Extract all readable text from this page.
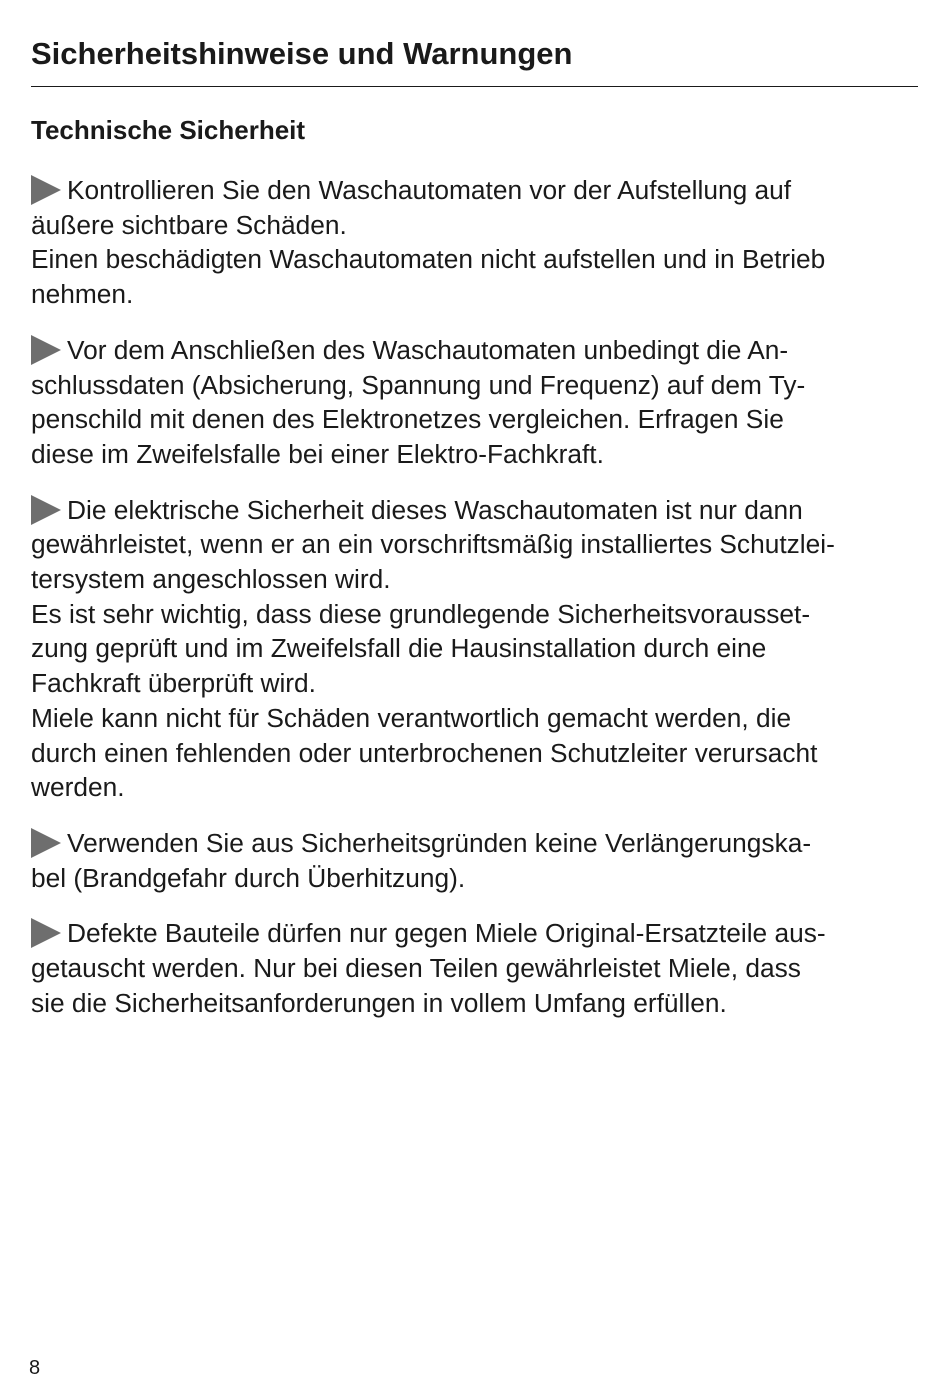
Sicherheitshinweise und Warnungen
Technische Sicherheit

Kontrollieren Sie den Waschautomaten vor der Aufstellung auf
äußere sichtbare Schäden.
Einen beschädigten Waschautomaten nicht aufstellen und in Betrieb
nehmen.

Vor dem Anschließen des Waschautomaten unbedingt die An-
schlussdaten (Absicherung, Spannung und Frequenz) auf dem Ty-
penschild mit denen des Elektronetzes vergleichen. Erfragen Sie
diese im Zweifelsfalle bei einer Elektro-Fachkraft.

Die elektrische Sicherheit dieses Waschautomaten ist nur dann
gewährleistet, wenn er an ein vorschriftsmäßig installiertes Schutzlei-
tersystem angeschlossen wird.
Es ist sehr wichtig, dass diese grundlegende Sicherheitsvorausset-
zung geprüft und im Zweifelsfall die Hausinstallation durch eine
Fachkraft überprüft wird.
Miele kann nicht für Schäden verantwortlich gemacht werden, die
durch einen fehlenden oder unterbrochenen Schutzleiter verursacht
werden.

Verwenden Sie aus Sicherheitsgründen keine Verlängerungska-
bel (Brandgefahr durch Überhitzung).

Defekte Bauteile dürfen nur gegen Miele Original-Ersatzteile aus-
getauscht werden. Nur bei diesen Teilen gewährleistet Miele, dass
sie die Sicherheitsanforderungen in vollem Umfang erfüllen.

8
